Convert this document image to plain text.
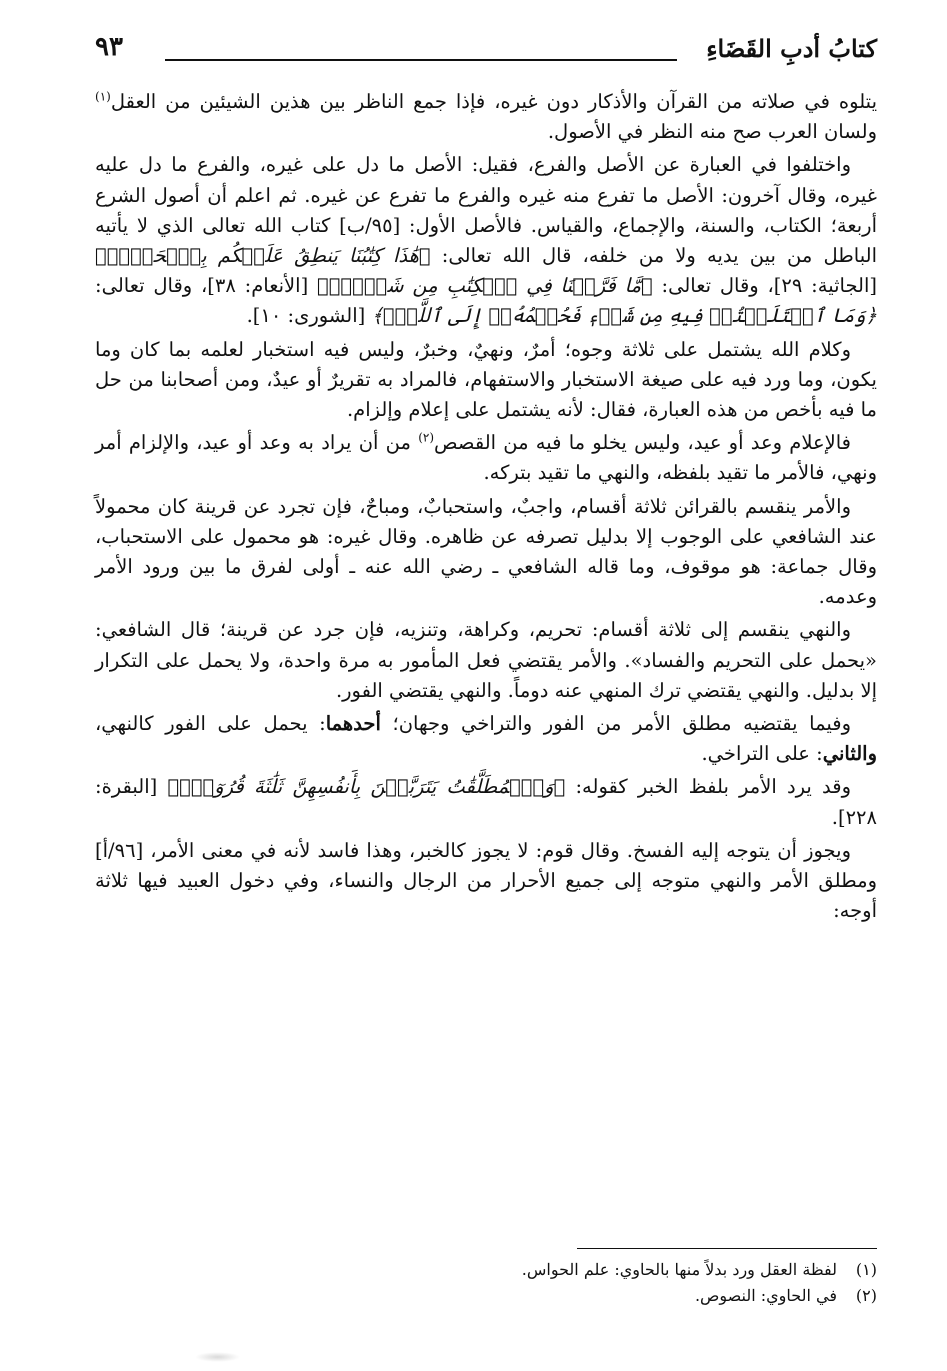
كتابُ أدبِ القَضَاءِ
٩٣

يتلوه في صلاته من القرآن والأذكار دون غيره، فإذا جمع الناظر بين هذين الشيئين من العقل$^{(١)}$ ولسان العرب صح منه النظر في الأصول.

واختلفوا في العبارة عن الأصل والفرع، فقيل: الأصل ما دل على غيره، والفرع ما دل عليه غيره، وقال آخرون: الأصل ما تفرع منه غيره والفرع ما تفرع عن غيره. ثم اعلم أن أصول الشرع أربعة؛ الكتاب، والسنة، والإجماع، والقياس. فالأصل الأول: [٩٥/ب] كتاب الله تعالى الذي لا يأتيه الباطل من بين يديه ولا من خلفه، قال الله تعالى: ﴿هَٰذَا كِتَٰبُنَا يَنطِقُ عَلَيۡكُم بِٱلۡحَقِّۚ﴾ [الجاثية: ٢٩]، وقال تعالى: ﴿مَّا فَرَّطۡنَا فِي ٱلۡكِتَٰبِ مِن شَيۡءٖۚ﴾ [الأنعام: ٣٨]، وقال تعالى: ﴿وَمَا ٱخۡتَلَفۡتُمۡ فِيهِ مِن شَيۡءٖ فَحُكۡمُهُۥٓ إِلَى ٱللَّهِۚ﴾ [الشورى: ١٠].

وكلام الله يشتمل على ثلاثة وجوه؛ أمرٌ، ونهيٌ، وخبرٌ، وليس فيه استخبار لعلمه بما كان وما يكون، وما ورد فيه على صيغة الاستخبار والاستفهام، فالمراد به تقريرٌ أو عيدٌ، ومن أصحابنا من حل ما فيه بأخص من هذه العبارة، فقال: لأنه يشتمل على إعلام وإلزام.

فالإعلام وعد أو عيد، وليس يخلو ما فيه من القصص$^{(٢)}$ من أن يراد به وعد أو عيد، والإلزام أمر ونهي، فالأمر ما تقيد بلفظه، والنهي ما تقيد بتركه.

والأمر ينقسم بالقرائن ثلاثة أقسام، واجبٌ، واستحبابٌ، ومباحٌ، فإن تجرد عن قرينة كان محمولاً عند الشافعي على الوجوب إلا بدليل تصرفه عن ظاهره. وقال غيره: هو محمول على الاستحباب، وقال جماعة: هو موقوف، وما قاله الشافعي ـ رضي الله عنه ـ أولى لفرق ما بين ورود الأمر وعدمه.

والنهي ينقسم إلى ثلاثة أقسام: تحريم، وكراهة، وتنزيه، فإن جرد عن قرينة؛ قال الشافعي: «يحمل على التحريم والفساد». والأمر يقتضي فعل المأمور به مرة واحدة، ولا يحمل على التكرار إلا بدليل. والنهي يقتضي ترك المنهي عنه دوماً. والنهي يقتضي الفور.

وفيما يقتضيه مطلق الأمر من الفور والتراخي وجهان؛ أحدهما: يحمل على الفور كالنهي، والثاني: على التراخي.

وقد يرد الأمر بلفظ الخبر كقوله: ﴿وَٱلۡمُطَلَّقَٰتُ يَتَرَبَّصۡنَ بِأَنفُسِهِنَّ ثَلَٰثَةَ قُرُوٓءٖۚ﴾ [البقرة: ٢٢٨].

ويجوز أن يتوجه إليه الفسخ. وقال قوم: لا يجوز كالخبر، وهذا فاسد لأنه في معنى الأمر، [٩٦/أ] ومطلق الأمر والنهي متوجه إلى جميع الأحرار من الرجال والنساء، وفي دخول العبيد فيها ثلاثة أوجه:

(١)
لفظة العقل ورد بدلاً منها بالحاوي: علم الحواس.
(٢)
في الحاوي: النصوص.
